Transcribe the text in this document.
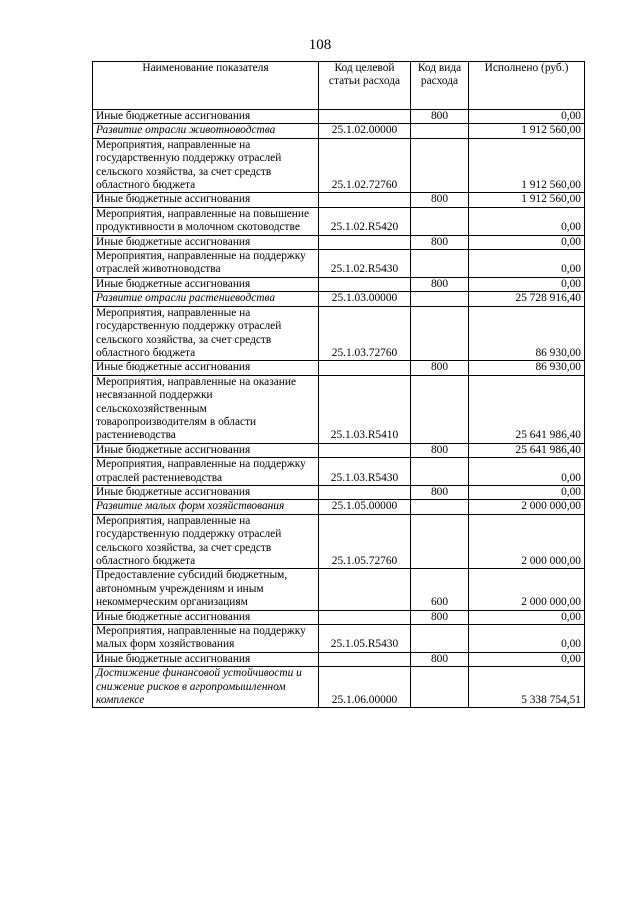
108
Наименование показателя	Код целевой статьи расхода	Код вида расхода	Исполнено (руб.)
Иные бюджетные ассигнования		800	0,00
Развитие отрасли животноводства	25.1.02.00000		1 912 560,00
Мероприятия, направленные на государственную поддержку отраслей сельского хозяйства, за счет средств областного бюджета	25.1.02.72760		1 912 560,00
Иные бюджетные ассигнования		800	1 912 560,00
Мероприятия, направленные на повышение продуктивности в молочном скотоводстве	25.1.02.R5420		0,00
Иные бюджетные ассигнования		800	0,00
Мероприятия, направленные на поддержку отраслей животноводства	25.1.02.R5430		0,00
Иные бюджетные ассигнования		800	0,00
Развитие отрасли растениеводства	25.1.03.00000		25 728 916,40
Мероприятия, направленные на государственную поддержку отраслей сельского хозяйства, за счет средств областного бюджета	25.1.03.72760		86 930,00
Иные бюджетные ассигнования		800	86 930,00
Мероприятия, направленные на оказание несвязанной поддержки сельскохозяйственным товаропроизводителям в области растениеводства	25.1.03.R5410		25 641 986,40
Иные бюджетные ассигнования		800	25 641 986,40
Мероприятия, направленные на поддержку отраслей растениеводства	25.1.03.R5430		0,00
Иные бюджетные ассигнования		800	0,00
Развитие малых форм хозяйствования	25.1.05.00000		2 000 000,00
Мероприятия, направленные на государственную поддержку отраслей сельского хозяйства, за счет средств областного бюджета	25.1.05.72760		2 000 000,00
Предоставление субсидий бюджетным, автономным учреждениям и иным некоммерческим организациям		600	2 000 000,00
Иные бюджетные ассигнования		800	0,00
Мероприятия, направленные на поддержку малых форм хозяйствования	25.1.05.R5430		0,00
Иные бюджетные ассигнования		800	0,00
Достижение финансовой устойчивости и снижение рисков в агропромышленном комплексе	25.1.06.00000		5 338 754,51
